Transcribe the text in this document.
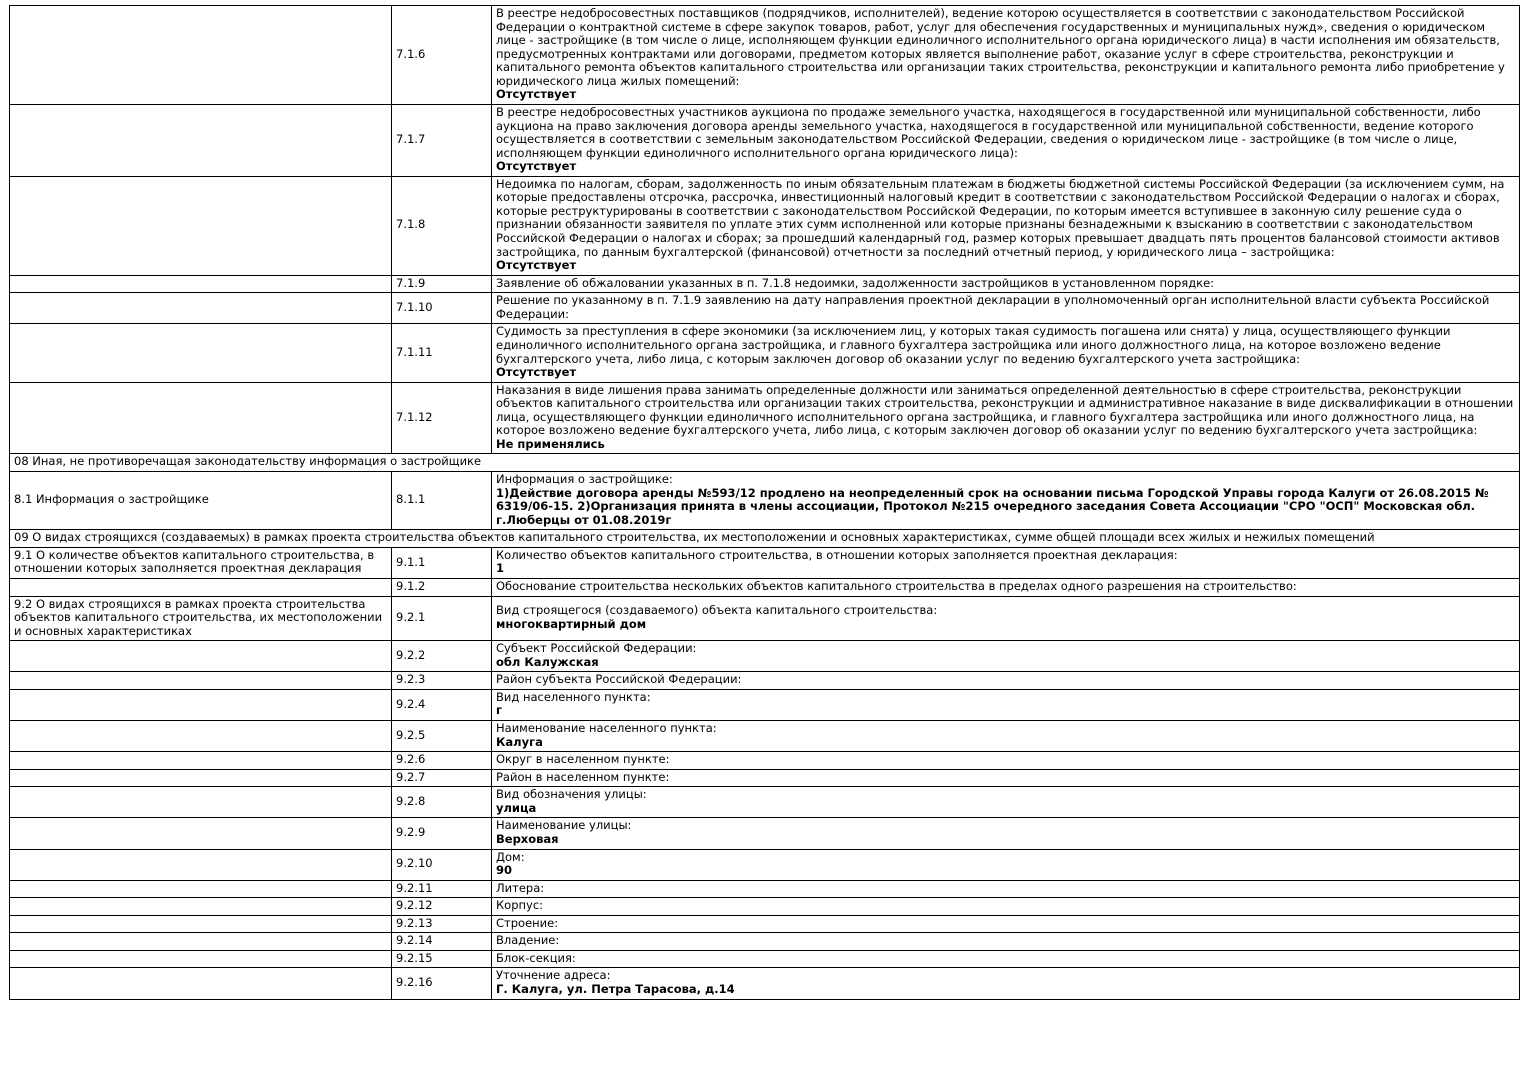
	7.1.6	В реестре недобросовестных поставщиков (подрядчиков, исполнителей), ведение которою осуществляется в соответствии с законодательством Российской Федерации о контрактной системе в сфере закупок товаров, работ, услуг для обеспечения государственных и муниципальных нужд», сведения о юридическом лице - застройщике (в том числе о лице, исполняющем функции единоличного исполнительного органа юридического лица) в части исполнения им обязательств, предусмотренных контрактами или договорами, предметом которых является выполнение работ, оказание услуг в сфере строительства, реконструкции и капитального ремонта объектов капитального строительства или организации таких строительства, реконструкции и капитального ремонта либо приобретение у юридического лица жилых помещений:
Отсутствует

	7.1.7	В реестре недобросовестных участников аукциона по продаже земельного участка, находящегося в государственной или муниципальной собственности, либо аукциона на право заключения договора аренды земельного участка, находящегося в государственной или муниципальной собственности, ведение которого осуществляется в соответствии с земельным законодательством Российской Федерации, сведения о юридическом лице - застройщике (в том числе о лице, исполняющем функции единоличного исполнительного органа юридического лица):
Отсутствует

	7.1.8	Недоимка по налогам, сборам, задолженность по иным обязательным платежам в бюджеты бюджетной системы Российской Федерации (за исключением сумм, на которые предоставлены отсрочка, рассрочка, инвестиционный налоговый кредит в соответствии с законодательством Российской Федерации о налогах и сборах, которые реструктурированы в соответствии с законодательством Российской Федерации, по которым имеется вступившее в законную силу решение суда о признании обязанности заявителя по уплате этих сумм исполненной или которые признаны безнадежными к взысканию в соответствии с законодательством Российской Федерации о налогах и сборах; за прошедший календарный год, размер которых превышает двадцать пять процентов балансовой стоимости активов застройщика, по данным бухгалтерской (финансовой) отчетности за последний отчетный период, у юридического лица – застройщика:
Отсутствует

	7.1.9	Заявление об обжаловании указанных в п. 7.1.8 недоимки, задолженности застройщиков в установленном порядке:

	7.1.10	Решение по указанному в п. 7.1.9 заявлению на дату направления проектной декларации в уполномоченный орган исполнительной власти субъекта Российской Федерации:

	7.1.11	Судимость за преступления в сфере экономики (за исключением лиц, у которых такая судимость погашена или снята) у лица, осуществляющего функции единоличного исполнительного органа застройщика, и главного бухгалтера застройщика или иного должностного лица, на которое возложено ведение бухгалтерского учета, либо лица, с которым заключен договор об оказании услуг по ведению бухгалтерского учета застройщика:
Отсутствует

	7.1.12	Наказания в виде лишения права занимать определенные должности или заниматься определенной деятельностью в сфере строительства, реконструкции объектов капитального строительства или организации таких строительства, реконструкции и административное наказание в виде дисквалификации в отношении лица, осуществляющего функции единоличного исполнительного органа застройщика, и главного бухгалтера застройщика или иного должностного лица, на которое возложено ведение бухгалтерского учета, либо лица, с которым заключен договор об оказании услуг по ведению бухгалтерского учета застройщика:
Не применялись

08 Иная, не противоречащая законодательству информация о застройщике		
8.1 Информация о застройщике	8.1.1	Информация о застройщике:
1)Действие договора аренды №593/12 продлено на неопределенный срок на основании письма Городской Управы города Калуги от 26.08.2015 № 6319/06-15. 2)Организация принята в члены ассоциации, Протокол №215 очередного заседания Совета Ассоциации "СРО "ОСП" Московская обл. г.Люберцы от 01.08.2019г

09 О видах строящихся (создаваемых) в рамках проекта строительства объектов капитального строительства, их местоположении и основных характеристиках, сумме общей площади всех жилых и нежилых помещений		
9.1 О количестве объектов капитального строительства, в отношении которых заполняется проектная декларация	9.1.1	Количество объектов капитального строительства, в отношении которых заполняется проектная декларация:
1

	9.1.2	Обоснование строительства нескольких объектов капитального строительства в пределах одного разрешения на строительство:

9.2 О видах строящихся в рамках проекта строительства объектов капитального строительства, их местоположении и основных характеристиках	9.2.1	Вид строящегося (создаваемого) объекта капитального строительства:
многоквартирный дом

	9.2.2	Субъект Российской Федерации:
обл Калужская

	9.2.3	Район субъекта Российской Федерации:

	9.2.4	Вид населенного пункта:
г

	9.2.5	Наименование населенного пункта:
Калуга

	9.2.6	Округ в населенном пункте:

	9.2.7	Район в населенном пункте:

	9.2.8	Вид обозначения улицы:
улица

	9.2.9	Наименование улицы:
Верховая

	9.2.10	Дом:
90

	9.2.11	Литера:

	9.2.12	Корпус:

	9.2.13	Строение:

	9.2.14	Владение:

	9.2.15	Блок-секция:

	9.2.16	Уточнение адреса:
Г. Калуга, ул. Петра Тарасова, д.14
